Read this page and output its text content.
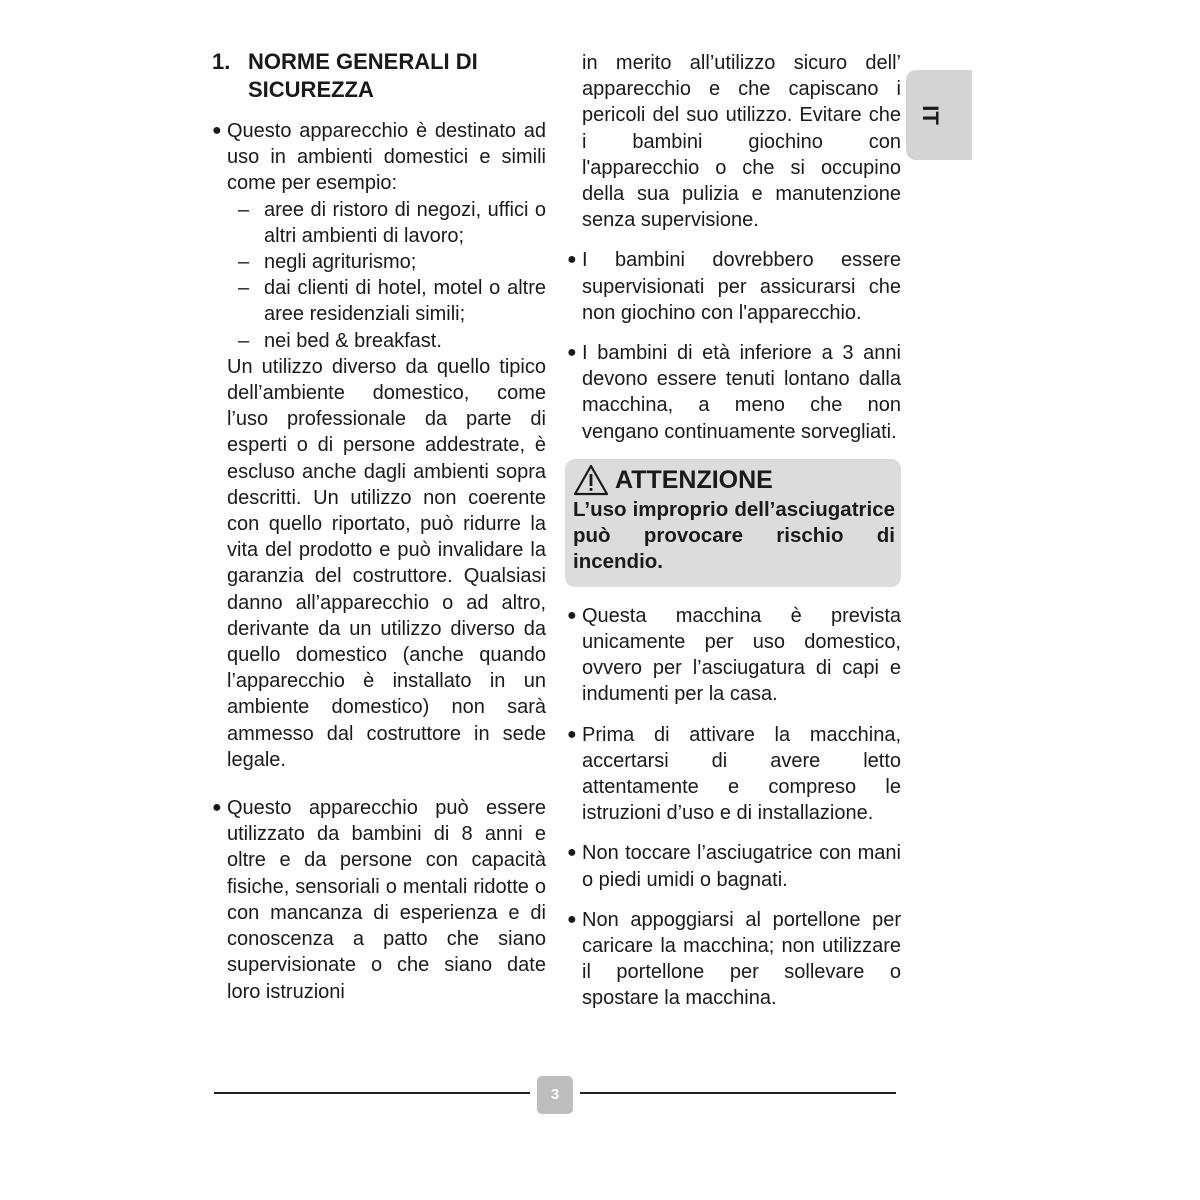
1. NORME GENERALI DI SICUREZZA
● Questo apparecchio è destinato ad uso in ambienti domestici e simili come per esempio:
– aree di ristoro di negozi, uffici o altri ambienti di lavoro;
– negli agriturismo;
– dai clienti di hotel, motel o altre aree residenziali simili;
– nei bed & breakfast.

Un utilizzo diverso da quello tipico dell’ambiente domestico, come l’uso professionale da parte di esperti o di persone addestrate, è escluso anche dagli ambienti sopra descritti. Un utilizzo non coerente con quello riportato, può ridurre la vita del prodotto e può invalidare la garanzia del costruttore. Qualsiasi danno all’apparecchio o ad altro, derivante da un utilizzo diverso da quello domestico (anche quando l’apparecchio è installato in un ambiente domestico) non sarà ammesso dal costruttore in sede legale.

● Questo apparecchio può essere utilizzato da bambini di 8 anni e oltre e da persone con capacità fisiche, sensoriali o mentali ridotte o con mancanza di esperienza e di conoscenza a patto che siano supervisionate o che siano date loro istruzioni

in merito all’utilizzo sicuro dell’ apparecchio e che capiscano i pericoli del suo utilizzo. Evitare che i bambini giochino con l'apparecchio o che si occupino della sua pulizia e manutenzione senza supervisione.

● I bambini dovrebbero essere supervisionati per assicurarsi che non giochino con l'apparecchio.
● I bambini di età inferiore a 3 anni devono essere tenuti lontano dalla macchina, a meno che non vengano continuamente sorvegliati.
ATTENZIONE
L’uso improprio dell’asciugatrice può provocare rischio di incendio.
● Questa macchina è prevista unicamente per uso domestico, ovvero per l’asciugatura di capi e indumenti per la casa.
● Prima di attivare la macchina, accertarsi di avere letto attentamente e compreso le istruzioni d’uso e di installazione.
● Non toccare l’asciugatrice con mani o piedi umidi o bagnati.
● Non appoggiarsi al portellone per caricare la macchina; non utilizzare il portellone per sollevare o spostare la macchina.
IT
3
